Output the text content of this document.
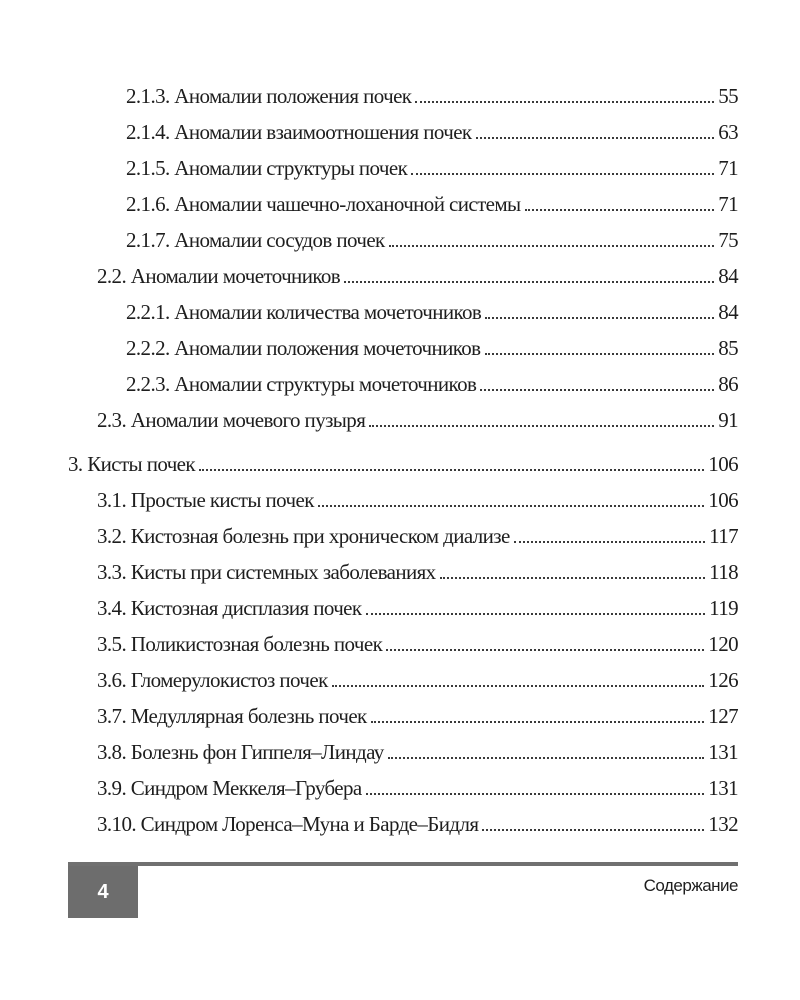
2.1.3. Аномалии положения почек	55
2.1.4. Аномалии взаимоотношения почек	63
2.1.5. Аномалии структуры почек	71
2.1.6. Аномалии чашечно-лоханочной системы	71
2.1.7. Аномалии сосудов почек	75
2.2. Аномалии мочеточников	84
2.2.1. Аномалии количества мочеточников	84
2.2.2. Аномалии положения мочеточников	85
2.2.3. Аномалии структуры мочеточников	86
2.3. Аномалии мочевого пузыря	91
3. Кисты почек	106
3.1. Простые кисты почек	106
3.2. Кистозная болезнь при хроническом диализе	117
3.3. Кисты при системных заболеваниях	118
3.4. Кистозная дисплазия почек	119
3.5. Поликистозная болезнь почек	120
3.6. Гломерулокистоз почек	126
3.7. Медуллярная болезнь почек	127
3.8. Болезнь фон Гиппеля–Линдау	131
3.9. Синдром Меккеля–Грубера	131
3.10. Синдром Лоренса–Муна и Барде–Бидля	132
4	Содержание
